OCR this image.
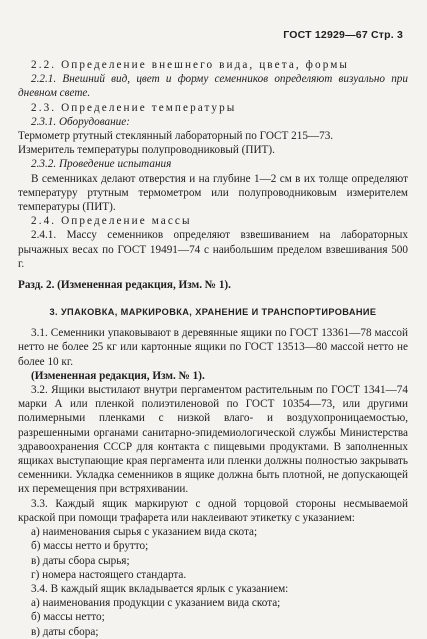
ГОСТ 12929—67 Стр. 3

2.2. Определение внешнего вида, цвета, формы

2.2.1. Внешний вид, цвет и форму семенников определяют визуально при дневном свете.

2.3. Определение температуры

2.3.1. Оборудование:

Термометр ртутный стеклянный лабораторный по ГОСТ 215—73.

Измеритель температуры полупроводниковый (ПИТ).

2.3.2. Проведение испытания

В семенниках делают отверстия и на глубине 1—2 см в их толще определяют температуру ртутным термометром или полупроводниковым измерителем температуры (ПИТ).

2.4. Определение массы

2.4.1. Массу семенников определяют взвешиванием на лабораторных рычажных весах по ГОСТ 19491—74 с наибольшим пределом взвешивания 500 г.

Разд. 2. (Измененная редакция, Изм. № 1).

3. УПАКОВКА, МАРКИРОВКА, ХРАНЕНИЕ И ТРАНСПОРТИРОВАНИЕ

3.1. Семенники упаковывают в деревянные ящики по ГОСТ 13361—78 массой нетто не более 25 кг или картонные ящики по ГОСТ 13513—80 массой нетто не более 10 кг.

(Измененная редакция, Изм. № 1).

3.2. Ящики выстилают внутри пергаментом растительным по ГОСТ 1341—74 марки А или пленкой полиэтиленовой по ГОСТ 10354—73, или другими полимерными пленками с низкой влаго- и воздухопроницаемостью, разрешенными органами санитарно-эпидемиологической службы Министерства здравоохранения СССР для контакта с пищевыми продуктами. В заполненных ящиках выступающие края пергамента или пленки должны полностью закрывать семенники. Укладка семенников в ящике должна быть плотной, не допускающей их перемещения при встряхивании.

3.3. Каждый ящик маркируют с одной торцовой стороны несмываемой краской при помощи трафарета или наклеивают этикетку с указанием:

а) наименования сырья с указанием вида скота;

б) массы нетто и брутто;

в) даты сбора сырья;

г) номера настоящего стандарта.

3.4. В каждый ящик вкладывается ярлык с указанием:

а) наименования продукции с указанием вида скота;

б) массы нетто;

в) даты сбора;
